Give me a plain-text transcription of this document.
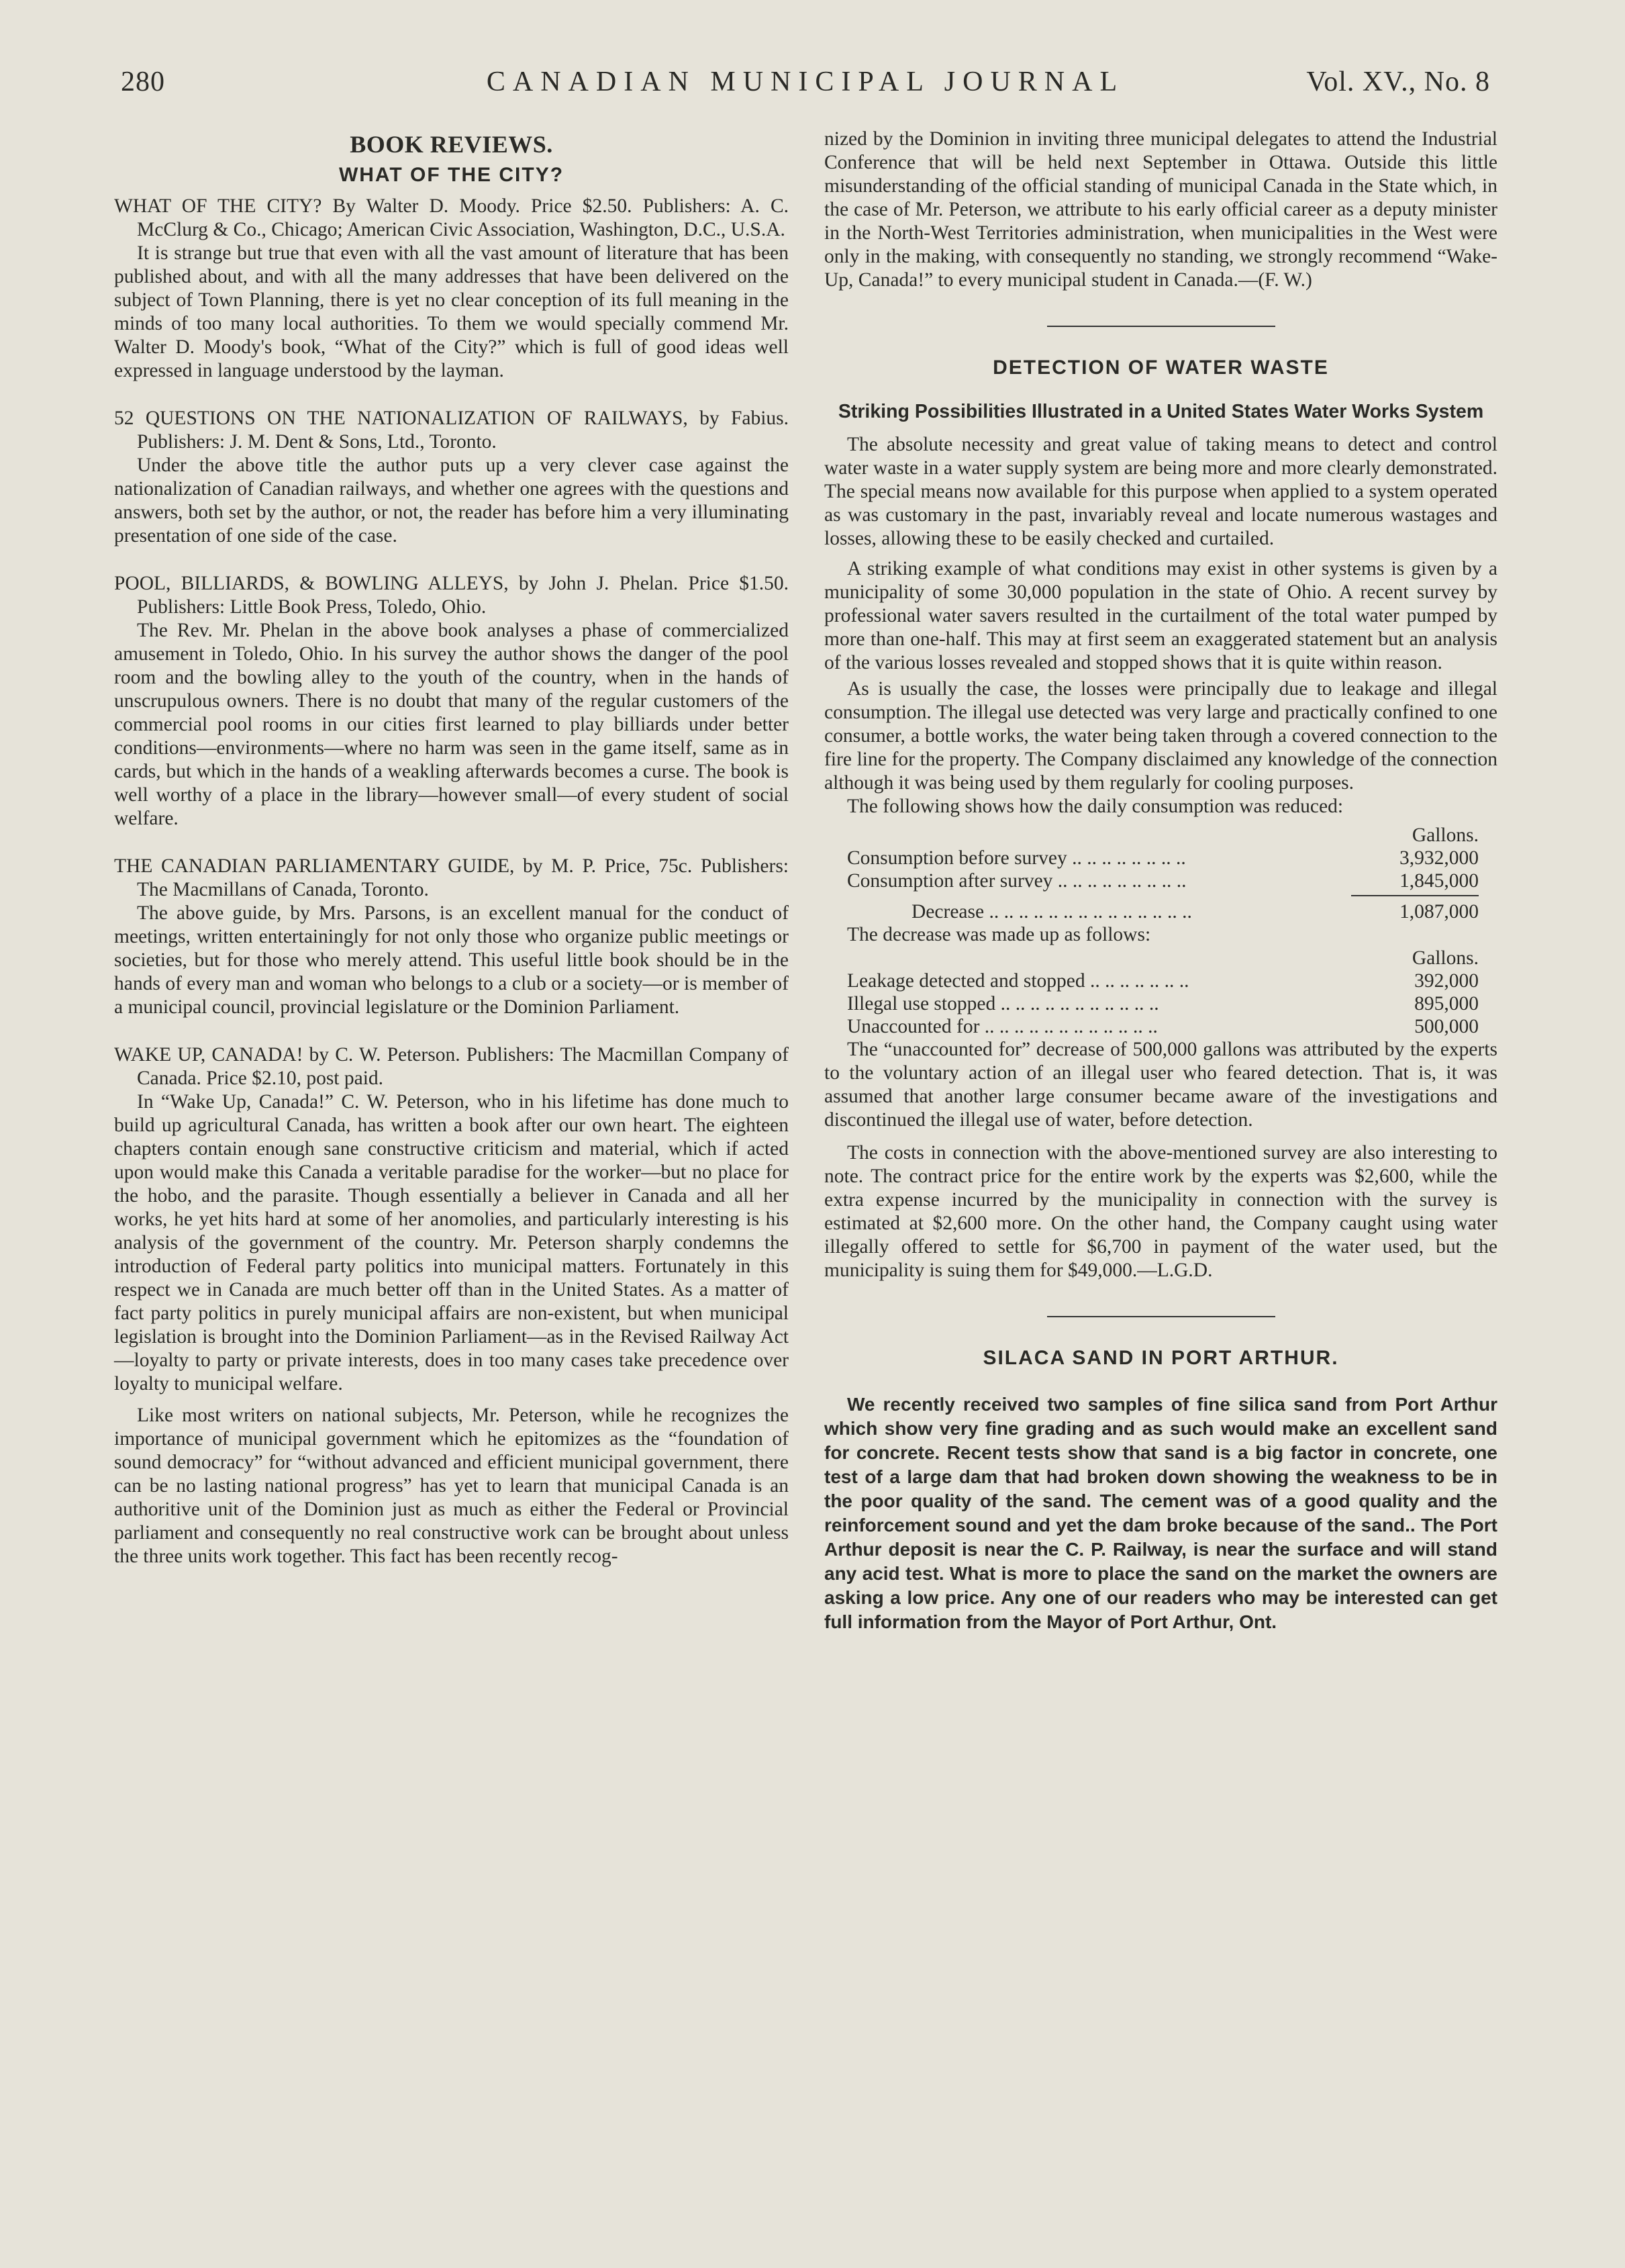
280	CANADIAN MUNICIPAL JOURNAL	Vol. XV., No. 8
BOOK REVIEWS.
WHAT OF THE CITY?

WHAT OF THE CITY? By Walter D. Moody. Price $2.50. Publishers: A. C. McClurg & Co., Chicago; American Civic Association, Washington, D.C., U.S.A.

It is strange but true that even with all the vast amount of literature that has been published about, and with all the many addresses that have been delivered on the subject of Town Planning, there is yet no clear conception of its full meaning in the minds of too many local authorities. To them we would specially commend Mr. Walter D. Moody's book, “What of the City?” which is full of good ideas well expressed in language understood by the layman.

52 QUESTIONS ON THE NATIONALIZATION OF RAILWAYS, by Fabius. Publishers: J. M. Dent & Sons, Ltd., Toronto.

Under the above title the author puts up a very clever case against the nationalization of Canadian railways, and whether one agrees with the questions and answers, both set by the author, or not, the reader has before him a very illuminating presentation of one side of the case.

POOL, BILLIARDS, & BOWLING ALLEYS, by John J. Phelan. Price $1.50. Publishers: Little Book Press, Toledo, Ohio.

The Rev. Mr. Phelan in the above book analyses a phase of commercialized amusement in Toledo, Ohio. In his survey the author shows the danger of the pool room and the bowling alley to the youth of the country, when in the hands of unscrupulous owners. There is no doubt that many of the regular customers of the commercial pool rooms in our cities first learned to play billiards under better conditions—environments—where no harm was seen in the game itself, same as in cards, but which in the hands of a weakling afterwards becomes a curse. The book is well worthy of a place in the library—however small—of every student of social welfare.

THE CANADIAN PARLIAMENTARY GUIDE, by M. P. Price, 75c. Publishers: The Macmillans of Canada, Toronto.

The above guide, by Mrs. Parsons, is an excellent manual for the conduct of meetings, written entertainingly for not only those who organize public meetings or societies, but for those who merely attend. This useful little book should be in the hands of every man and woman who belongs to a club or a society—or is member of a municipal council, provincial legislature or the Dominion Parliament.

WAKE UP, CANADA! by C. W. Peterson. Publishers: The Macmillan Company of Canada. Price $2.10, post paid.

In “Wake Up, Canada!” C. W. Peterson, who in his lifetime has done much to build up agricultural Canada, has written a book after our own heart. The eighteen chapters contain enough sane constructive criticism and material, which if acted upon would make this Canada a veritable paradise for the worker—but no place for the hobo, and the parasite. Though essentially a believer in Canada and all her works, he yet hits hard at some of her anomolies, and particularly interesting is his analysis of the government of the country. Mr. Peterson sharply condemns the introduction of Federal party politics into municipal matters. Fortunately in this respect we in Canada are much better off than in the United States. As a matter of fact party politics in purely municipal affairs are non-existent, but when municipal legislation is brought into the Dominion Parliament—as in the Revised Railway Act—loyalty to party or private interests, does in too many cases take precedence over loyalty to municipal welfare.

Like most writers on national subjects, Mr. Peterson, while he recognizes the importance of municipal government which he epitomizes as the “foundation of sound democracy” for “without advanced and efficient municipal government, there can be no lasting national progress” has yet to learn that municipal Canada is an authoritive unit of the Dominion just as much as either the Federal or Provincial parliament and consequently no real constructive work can be brought about unless the three units work together. This fact has been recently recog-

nized by the Dominion in inviting three municipal delegates to attend the Industrial Conference that will be held next September in Ottawa. Outside this little misunderstanding of the official standing of municipal Canada in the State which, in the case of Mr. Peterson, we attribute to his early official career as a deputy minister in the North-West Territories administration, when municipalities in the West were only in the making, with consequently no standing, we strongly recommend “Wake-Up, Canada!” to every municipal student in Canada.—(F. W.)

DETECTION OF WATER WASTE
Striking Possibilities Illustrated in a United States Water Works System

The absolute necessity and great value of taking means to detect and control water waste in a water supply system are being more and more clearly demonstrated. The special means now available for this purpose when applied to a system operated as was customary in the past, invariably reveal and locate numerous wastages and losses, allowing these to be easily checked and curtailed.

A striking example of what conditions may exist in other systems is given by a municipality of some 30,000 population in the state of Ohio. A recent survey by professional water savers resulted in the curtailment of the total water pumped by more than one-half. This may at first seem an exaggerated statement but an analysis of the various losses revealed and stopped shows that it is quite within reason.

As is usually the case, the losses were principally due to leakage and illegal consumption. The illegal use detected was very large and practically confined to one consumer, a bottle works, the water being taken through a covered connection to the fire line for the property. The Company disclaimed any knowledge of the connection although it was being used by them regularly for cooling purposes.

The following shows how the daily consumption was reduced:

Gallons.
Consumption before survey .. .. .. .. .. .. .. ..	3,932,000
Consumption after survey .. .. .. .. .. .. .. .. ..	1,845,000
Decrease .. .. .. .. .. .. .. .. .. .. .. .. .. ..	1,087,000

The decrease was made up as follows:

Gallons.
Leakage detected and stopped .. .. .. .. .. .. ..	392,000
Illegal use stopped .. .. .. .. .. .. .. .. .. .. ..	895,000
Unaccounted for .. .. .. .. .. .. .. .. .. .. .. ..	500,000

The “unaccounted for” decrease of 500,000 gallons was attributed by the experts to the voluntary action of an illegal user who feared detection. That is, it was assumed that another large consumer became aware of the investigations and discontinued the illegal use of water, before detection.

The costs in connection with the above-mentioned survey are also interesting to note. The contract price for the entire work by the experts was $2,600, while the extra expense incurred by the municipality in connection with the survey is estimated at $2,600 more. On the other hand, the Company caught using water illegally offered to settle for $6,700 in payment of the water used, but the municipality is suing them for $49,000.—L.G.D.

SILACA SAND IN PORT ARTHUR.

We recently received two samples of fine silica sand from Port Arthur which show very fine grading and as such would make an excellent sand for concrete. Recent tests show that sand is a big factor in concrete, one test of a large dam that had broken down showing the weakness to be in the poor quality of the sand. The cement was of a good quality and the reinforcement sound and yet the dam broke because of the sand.. The Port Arthur deposit is near the C. P. Railway, is near the surface and will stand any acid test. What is more to place the sand on the market the owners are asking a low price. Any one of our readers who may be interested can get full information from the Mayor of Port Arthur, Ont.
